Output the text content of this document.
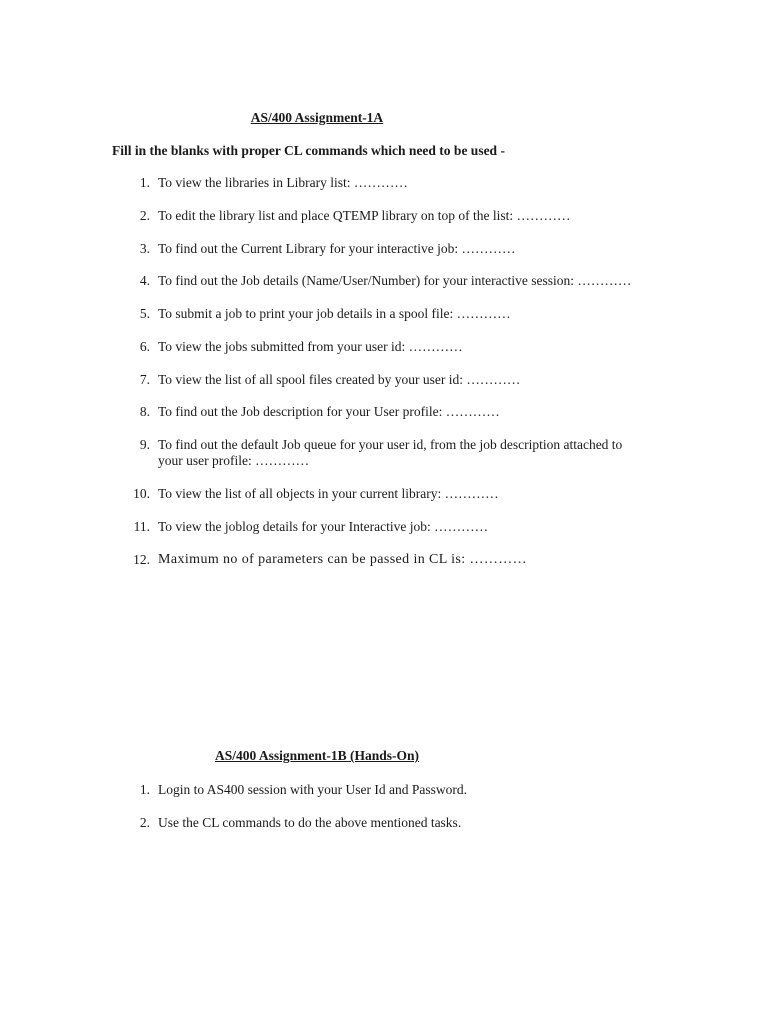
AS/400 Assignment-1A
Fill in the blanks with proper CL commands which need to be used -
1. To view the libraries in Library list: …………
2. To edit the library list and place QTEMP library on top of the list: …………
3. To find out the Current Library for your interactive job: …………
4. To find out the Job details (Name/User/Number) for your interactive session: …………
5. To submit a job to print your job details in a spool file: …………
6. To view the jobs submitted from your user id: …………
7. To view the list of all spool files created by your user id: …………
8. To find out the Job description for your User profile: …………
9. To find out the default Job queue for your user id, from the job description attached to your user profile: …………
10. To view the list of all objects in your current library: …………
11. To view the joblog details for your Interactive job: …………
12. Maximum no of parameters can be passed in CL is: …………
AS/400 Assignment-1B (Hands-On)
1. Login to AS400 session with your User Id and Password.
2. Use the CL commands to do the above mentioned tasks.
